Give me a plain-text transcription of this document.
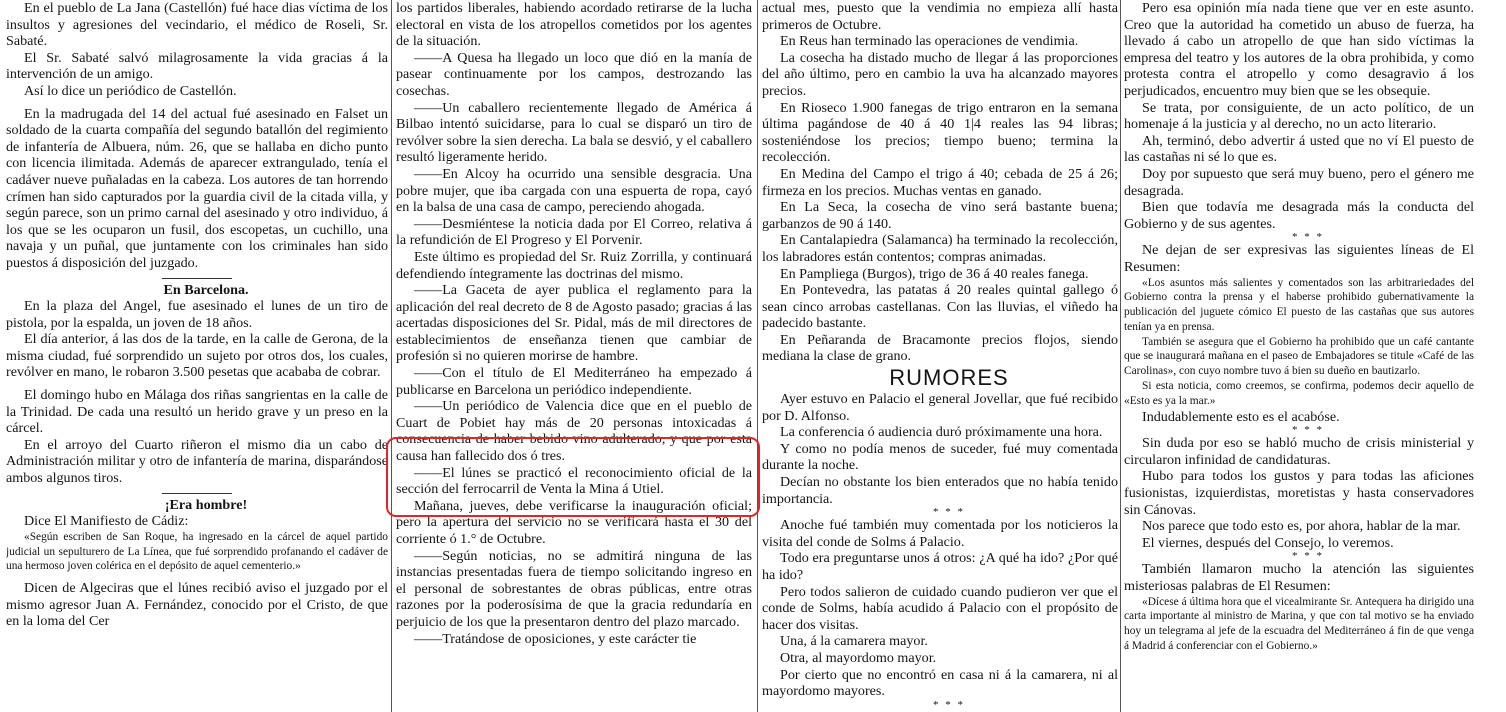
En el pueblo de La Jana (Castellón) fué hace dias víctima de los insultos y agresiones del vecindario, el médico de Roseli, Sr. Sabaté.

El Sr. Sabaté salvó milagrosamente la vida gracias á la intervención de un amigo.

Así lo dice un periódico de Castellón.

En la madrugada del 14 del actual fué asesinado en Falset un soldado de la cuarta compañía del segundo batallón del regimiento de infantería de Albuera, núm. 26, que se hallaba en dicho punto con licencia ilimitada. Además de aparecer extrangulado, tenía el cadáver nueve puñaladas en la cabeza. Los autores de tan horrendo crímen han sido capturados por la guardia civil de la citada villa, y según parece, son un primo carnal del asesinado y otro individuo, á los que se les ocuparon un fusil, dos escopetas, un cuchillo, una navaja y un puñal, que juntamente con los criminales han sido puestos á disposición del juzgado.

En Barcelona.

En la plaza del Angel, fue asesinado el lunes de un tiro de pistola, por la espalda, un joven de 18 años.

El día anterior, á las dos de la tarde, en la calle de Gerona, de la misma ciudad, fué sorprendido un sujeto por otros dos, los cuales, revólver en mano, le robaron 3.500 pesetas que acababa de cobrar.

El domingo hubo en Málaga dos riñas sangrientas en la calle de la Trinidad. De cada una resultó un herido grave y un preso en la cárcel.

En el arroyo del Cuarto riñeron el mismo dia un cabo de Administración militar y otro de infantería de marina, disparándose ambos algunos tiros.

¡Era hombre!

Dice El Manifiesto de Cádiz:

«Según escriben de San Roque, ha ingresado en la cárcel de aquel partido judicial un sepulturero de La Línea, que fué sorprendido profanando el cadáver de una hermoso joven colérica en el depósito de aquel cementerio.»

Dicen de Algeciras que el lúnes recibió aviso el juzgado por el mismo agresor Juan A. Fernández, conocido por el Cristo, de que en la loma del Cer

los partidos liberales, habiendo acordado retirarse de la lucha electoral en vista de los atropellos cometidos por los agentes de la situación.

——A Quesa ha llegado un loco que dió en la manía de pasear continuamente por los campos, destrozando las cosechas.

——Un caballero recientemente llegado de América á Bilbao intentó suicidarse, para lo cual se disparó un tiro de revólver sobre la sien derecha. La bala se desvió, y el caballero resultó ligeramente herido.

——En Alcoy ha ocurrido una sensible desgracia. Una pobre mujer, que iba cargada con una espuerta de ropa, cayó en la balsa de una casa de campo, pereciendo ahogada.

——Desmiéntese la noticia dada por El Correo, relativa á la refundición de El Progreso y El Porvenir.

Este último es propiedad del Sr. Ruiz Zorrilla, y continuará defendiendo íntegramente las doctrinas del mismo.

——La Gaceta de ayer publica el reglamento para la aplicación del real decreto de 8 de Agosto pasado; gracias á las acertadas disposiciones del Sr. Pidal, más de mil directores de establecimientos de enseñanza tienen que cambiar de profesión si no quieren morirse de hambre.

——Con el título de El Mediterráneo ha empezado á publicarse en Barcelona un periódico independiente.

——Un periódico de Valencia dice que en el pueblo de Cuart de Pobiet hay más de 20 personas intoxicadas á consecuencia de haber bebido vino adulterado, y que por esta causa han fallecido dos ó tres.

——El lúnes se practicó el reconocimiento oficial de la sección del ferrocarril de Venta la Mina á Utiel.

Mañana, jueves, debe verificarse la inauguración oficial; pero la apertura del servicio no se verificará hasta el 30 del corriente ó 1.° de Octubre.

——Según noticias, no se admitirá ninguna de las instancias presentadas fuera de tiempo solicitando ingreso en el personal de sobrestantes de obras públicas, entre otras razones por la poderosísima de que la gracia redundaría en perjuicio de los que la presentaron dentro del plazo marcado.

——Tratándose de oposiciones, y este carácter tie

actual mes, puesto que la vendimia no empieza allí hasta primeros de Octubre.

En Reus han terminado las operaciones de vendimia.

La cosecha ha distado mucho de llegar á las proporciones del año último, pero en cambio la uva ha alcanzado mayores precios.

En Rioseco 1.900 fanegas de trigo entraron en la semana última pagándose de 40 á 40 1|4 reales las 94 libras; sosteniéndose los precios; tiempo bueno; termina la recolección.

En Medina del Campo el trigo á 40; cebada de 25 á 26; firmeza en los precios. Muchas ventas en ganado.

En La Seca, la cosecha de vino será bastante buena; garbanzos de 90 á 140.

En Cantalapiedra (Salamanca) ha terminado la recolección, los labradores están contentos; compras animadas.

En Pampliega (Burgos), trigo de 36 á 40 reales fanega.

En Pontevedra, las patatas á 20 reales quintal gallego ó sean cinco arrobas castellanas. Con las lluvias, el viñedo ha padecido bastante.

En Peñaranda de Bracamonte precios flojos, siendo mediana la clase de grano.

RUMORES

Ayer estuvo en Palacio el general Jovellar, que fué recibido por D. Alfonso.

La conferencia ó audiencia duró próximamente una hora.

Y como no podía menos de suceder, fué muy comentada durante la noche.

Decían no obstante los bien enterados que no había tenido importancia.

* * *

Anoche fué también muy comentada por los noticieros la visita del conde de Solms á Palacio.

Todo era preguntarse unos á otros: ¿A qué ha ido? ¿Por qué ha ido?

Pero todos salieron de cuidado cuando pudieron ver que el conde de Solms, había acudido á Palacio con el propósito de hacer dos visitas.

Una, á la camarera mayor.

Otra, al mayordomo mayor.

Por cierto que no encontró en casa ni á la camarera, ni al mayordomo mayores.

* * *

Pero esa opinión mía nada tiene que ver en este asunto. Creo que la autoridad ha cometido un abuso de fuerza, ha llevado á cabo un atropello de que han sido víctimas la empresa del teatro y los autores de la obra prohibida, y como protesta contra el atropello y como desagravio á los perjudicados, encuentro muy bien que se les obsequie.

Se trata, por consiguiente, de un acto político, de un homenaje á la justicia y al derecho, no un acto literario.

Ah, terminó, debo advertir á usted que no ví El puesto de las castañas ni sé lo que es.

Doy por supuesto que será muy bueno, pero el género me desagrada.

Bien que todavía me desagrada más la conducta del Gobierno y de sus agentes.

* * *

Ne dejan de ser expresivas las siguientes líneas de El Resumen:

«Los asuntos más salientes y comentados son las arbitrariedades del Gobierno contra la prensa y el haberse prohibido gubernativamente la publicación del juguete cómico El puesto de las castañas que sus autores tenían ya en prensa.

También se asegura que el Gobierno ha prohibido que un café cantante que se inaugurará mañana en el paseo de Embajadores se titule «Café de las Carolinas», con cuyo nombre tuvo á bien su dueño en bautizarlo.

Si esta noticia, como creemos, se confirma, podemos decir aquello de «Esto es ya la mar.»

Indudablemente esto es el acabóse.

* * *

Sin duda por eso se habló mucho de crisis ministerial y circularon infinidad de candidaturas.

Hubo para todos los gustos y para todas las aficiones fusionistas, izquierdistas, moretistas y hasta conservadores sin Cánovas.

Nos parece que todo esto es, por ahora, hablar de la mar.

El viernes, después del Consejo, lo veremos.

* * *

También llamaron mucho la atención las siguientes misteriosas palabras de El Resumen:

«Dícese á última hora que el vicealmirante Sr. Antequera ha dirigido una carta importante al ministro de Marina, y que con tal motivo se ha enviado hoy un telegrama al jefe de la escuadra del Mediterráneo á fin de que venga á Madrid á conferenciar con el Gobierno.»
